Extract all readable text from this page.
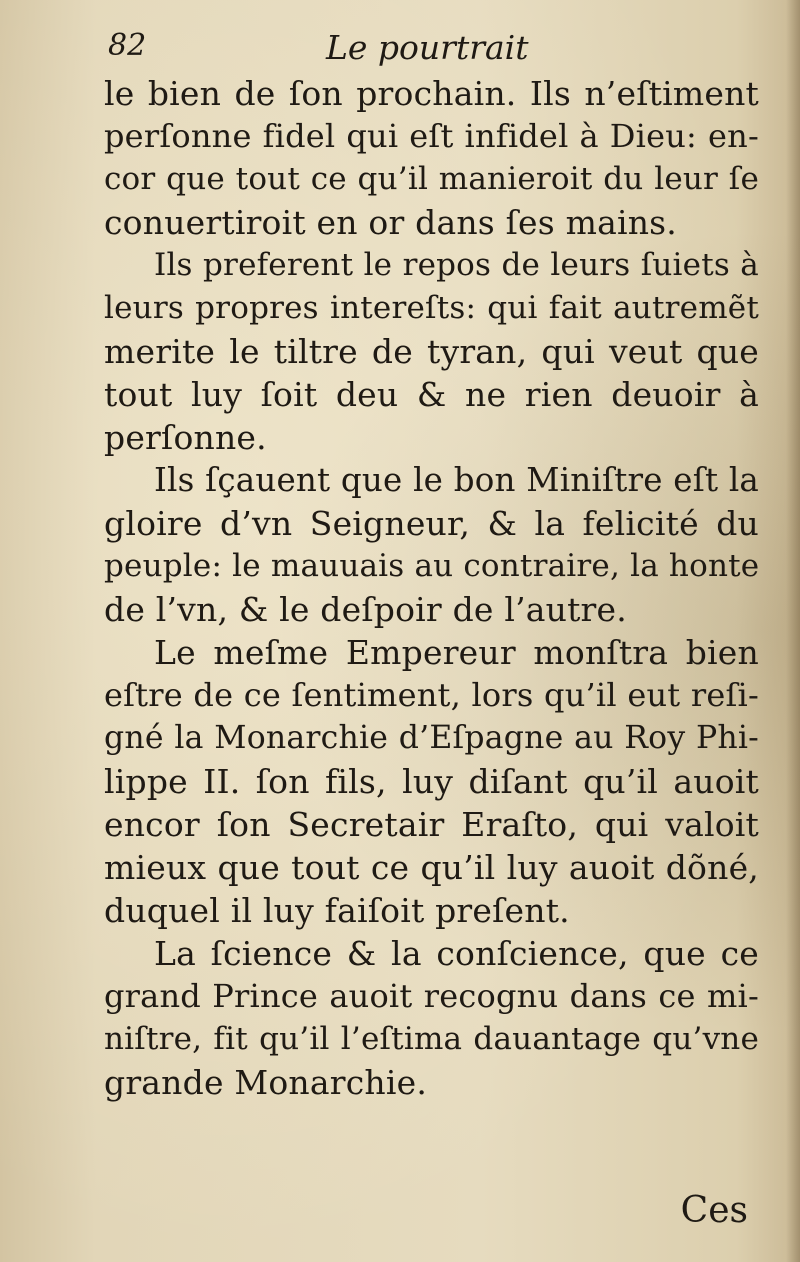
82	Le pourtrait
le bien de ſon prochain. Ils n’eſtiment
perſonne fidel qui eſt infidel à Dieu: en-
cor que tout ce qu’il manieroit du leur ſe
conuertiroit en or dans ſes mains.
Ils preferent le repos de leurs ſuiets à
leurs propres intereſts: qui fait autremẽt
merite le tiltre de tyran, qui veut que
tout luy ſoit deu & ne rien deuoir à
perſonne.
Ils ſçauent que le bon Miniſtre eſt la
gloire d’vn Seigneur, & la felicité du
peuple: le mauuais au contraire, la honte
de l’vn, & le deſpoir de l’autre.
Le meſme Empereur monſtra bien
eſtre de ce ſentiment, lors qu’il eut reſi-
gné la Monarchie d’Eſpagne au Roy Phi-
lippe II. ſon fils, luy diſant qu’il auoit
encor ſon Secretair Eraſto, qui valoit
mieux que tout ce qu’il luy auoit dõné,
duquel il luy faiſoit preſent.
La ſcience & la conſcience, que ce
grand Prince auoit recognu dans ce mi-
niſtre, fit qu’il l’eſtima dauantage qu’vne
grande Monarchie.
Ces
